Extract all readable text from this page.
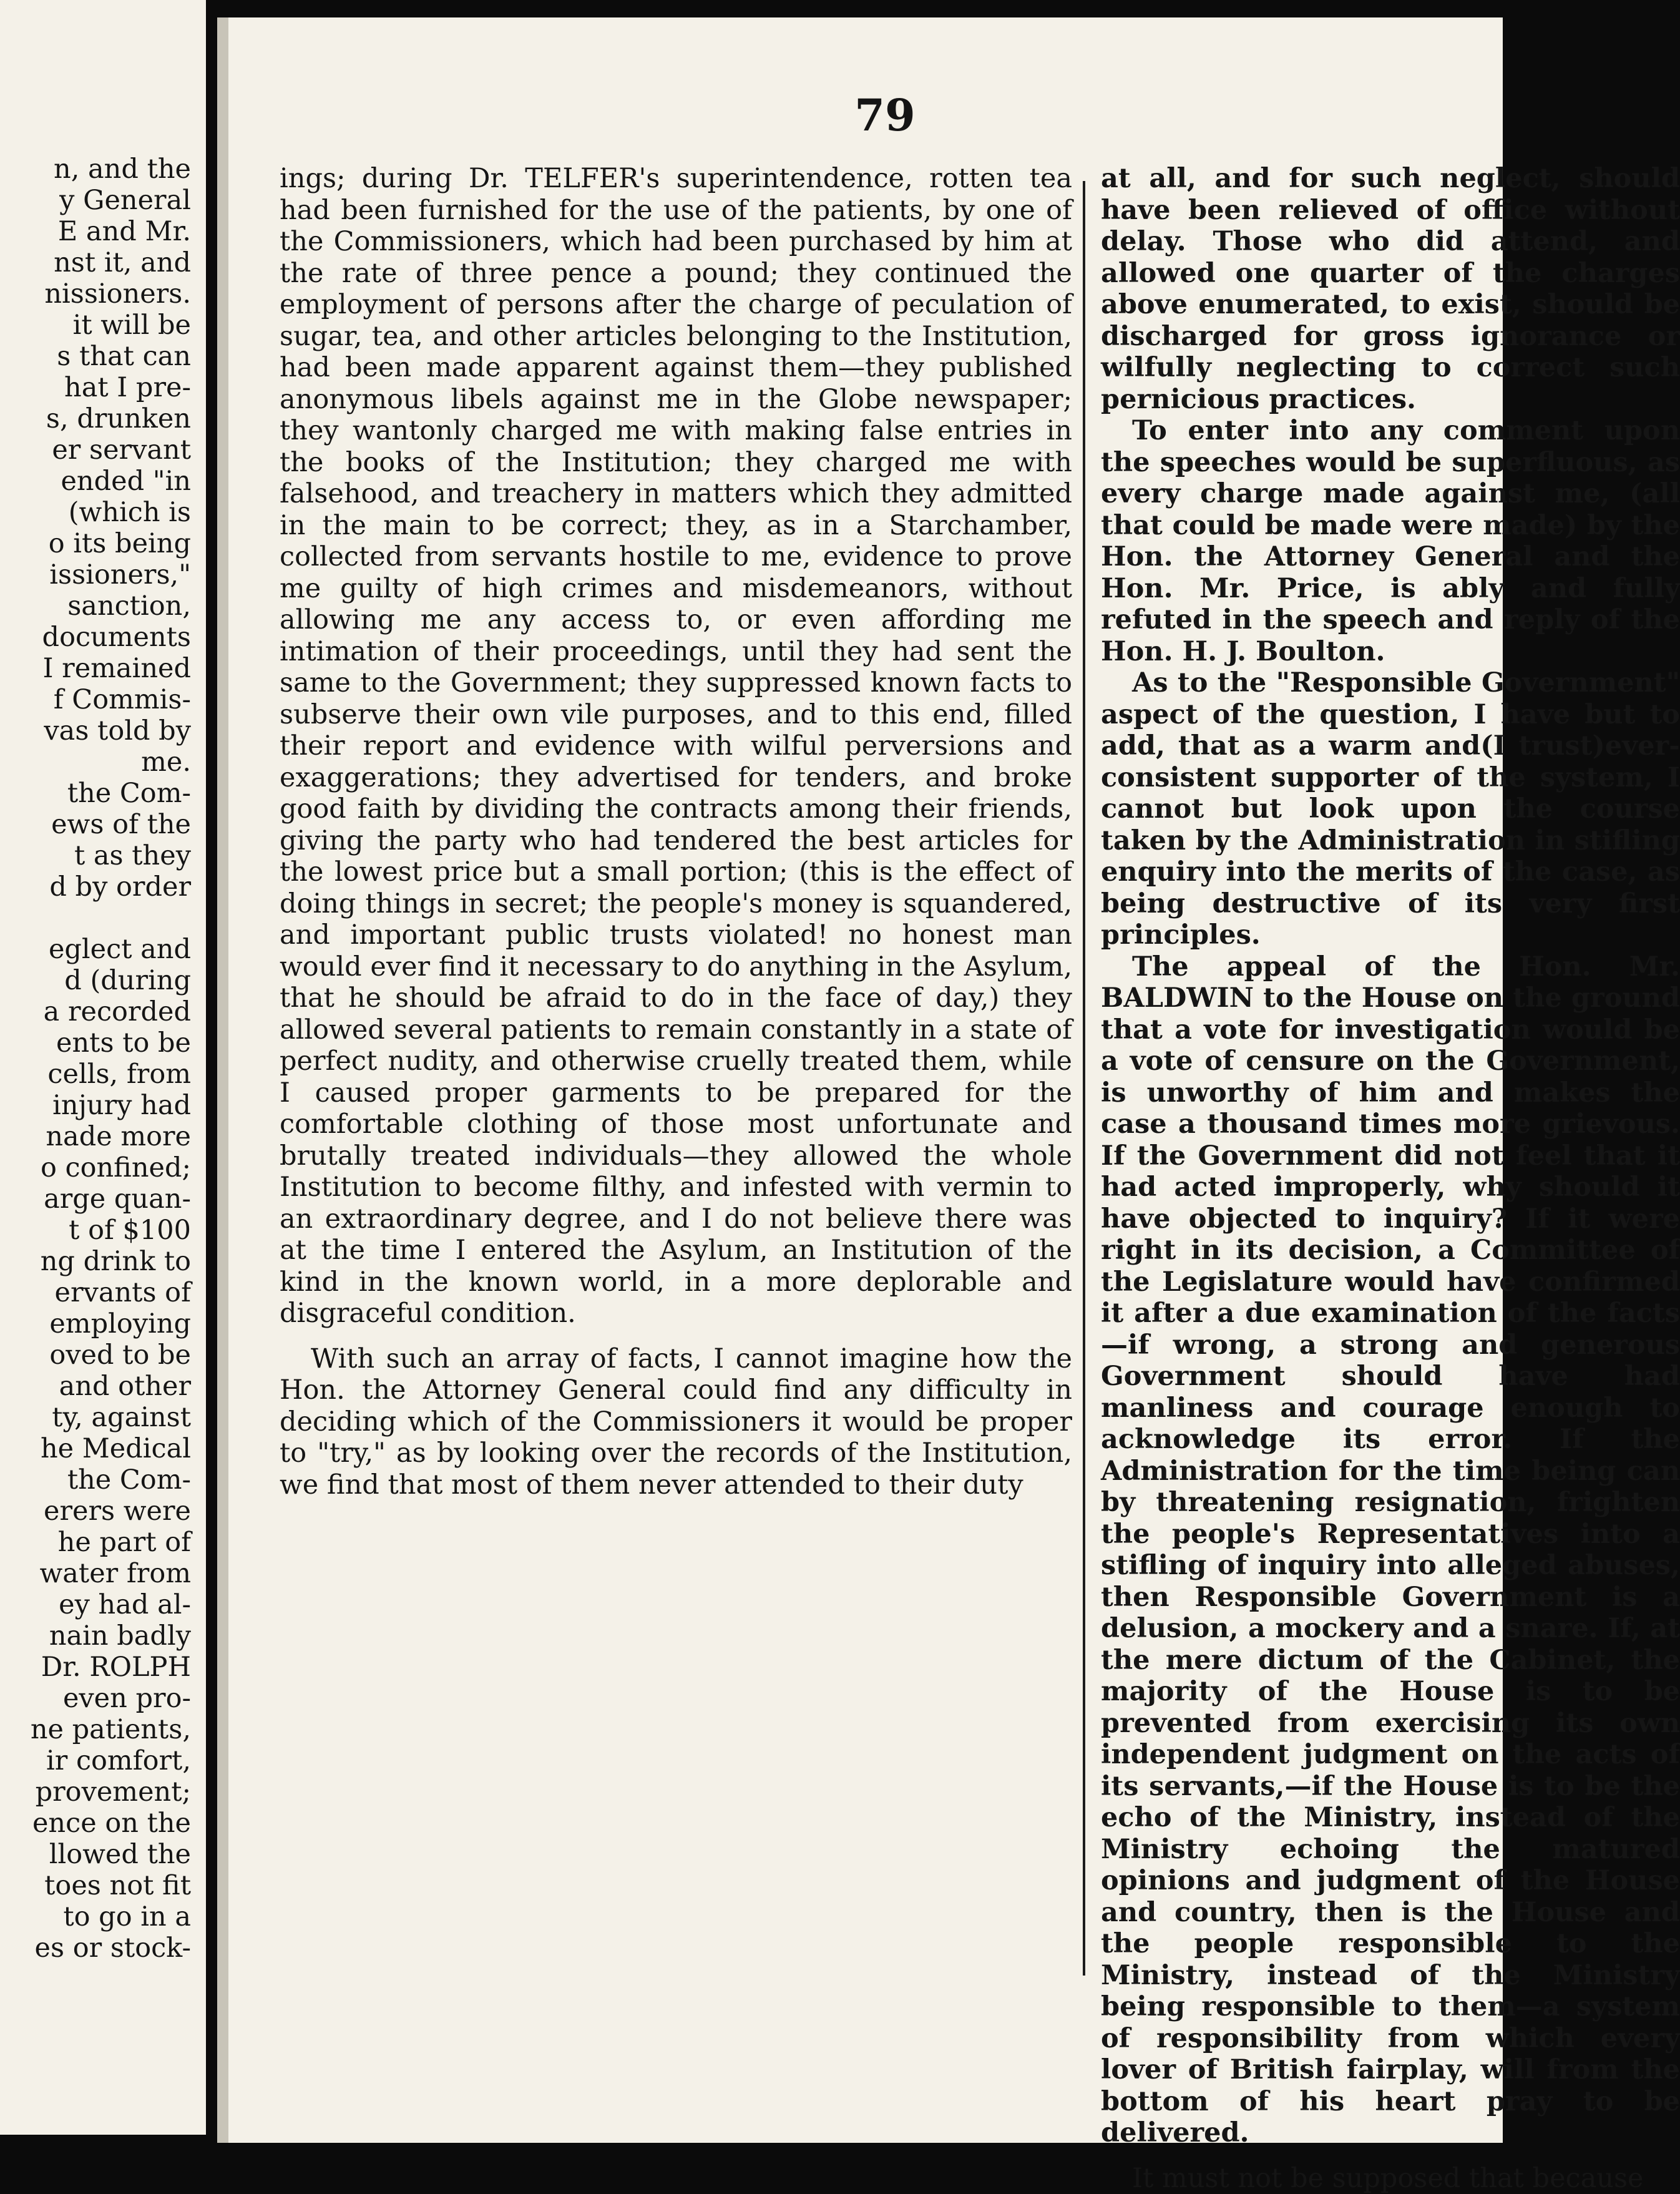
n, and the
y General
E and Mr.
nst it, and
nissioners.
it will be
s that can
hat I pre-
s, drunken
er servant
ended "in
(which is
o its being
issioners,"
sanction,
documents
I remained
f Commis-
vas told by
me.
the Com-
ews of the
t as they
d by order

eglect and
d (during
a recorded
ents to be
cells, from
injury had
nade more
o confined;
arge quan-
t of $100
ng drink to
ervants of
employing
oved to be
and other
ty, against
he Medical
the Com-
erers were
he part of
water from
ey had al-
nain badly
Dr. ROLPH
even pro-
ne patients,
ir comfort,
provement;
ence on the
llowed the
toes not fit
to go in a
es or stock-

79

ings; during Dr. TELFER's superintendence, rotten tea had been furnished for the use of the patients, by one of the Commissioners, which had been purchased by him at the rate of three pence a pound; they continued the employment of persons after the charge of peculation of sugar, tea, and other articles belonging to the Institution, had been made apparent against them—they published anonymous libels against me in the Globe newspaper; they wantonly charged me with making false entries in the books of the Institution; they charged me with falsehood, and treachery in matters which they admitted in the main to be correct; they, as in a Starchamber, collected from servants hostile to me, evidence to prove me guilty of high crimes and misdemeanors, without allowing me any access to, or even affording me intimation of their proceedings, until they had sent the same to the Government; they suppressed known facts to subserve their own vile purposes, and to this end, filled their report and evidence with wilful perversions and exaggerations; they advertised for tenders, and broke good faith by dividing the contracts among their friends, giving the party who had tendered the best articles for the lowest price but a small portion; (this is the effect of doing things in secret; the people's money is squandered, and important public trusts violated! no honest man would ever find it necessary to do anything in the Asylum, that he should be afraid to do in the face of day,) they allowed several patients to remain constantly in a state of perfect nudity, and otherwise cruelly treated them, while I caused proper garments to be prepared for the comfortable clothing of those most unfortunate and brutally treated individuals—they allowed the whole Institution to become filthy, and infested with vermin to an extraordinary degree, and I do not believe there was at the time I entered the Asylum, an Institution of the kind in the known world, in a more deplorable and disgraceful condition.

With such an array of facts, I cannot imagine how the Hon. the Attorney General could find any difficulty in deciding which of the Commissioners it would be proper to "try," as by looking over the records of the Institution, we find that most of them never attended to their duty

at all, and for such neglect, should have been relieved of office without delay. Those who did attend, and allowed one quarter of the charges above enumerated, to exist, should be discharged for gross ignorance or wilfully neglecting to correct such pernicious practices.

To enter into any comment upon the speeches would be superfluous, as every charge made against me, (all that could be made were made) by the Hon. the Attorney General and the Hon. Mr. Price, is ably and fully refuted in the speech and reply of the Hon. H. J. Boulton.

As to the "Responsible Government" aspect of the question, I have but to add, that as a warm and(I trust)ever-consistent supporter of the system, I cannot but look upon the course taken by the Administration in stifling enquiry into the merits of the case, as being destructive of its very first principles.

The appeal of the Hon. Mr. BALDWIN to the House on the ground that a vote for investigation would be a vote of censure on the Government, is unworthy of him and makes the case a thousand times more grievous. If the Government did not feel that it had acted improperly, why should it have objected to inquiry? If it were right in its decision, a Committee of the Legislature would have confirmed it after a due examination of the facts—if wrong, a strong and generous Government should have had manliness and courage enough to acknowledge its error. If the Administration for the time being can by threatening resignation, frighten the people's Representatives into a stifling of inquiry into alleged abuses, then Responsible Government is a delusion, a mockery and a snare. If, at the mere dictum of the Cabinet, the majority of the House is to be prevented from exercising its own independent judgment on the acts of its servants,—if the House is to be the echo of the Ministry, instead of the Ministry echoing the matured opinions and judgment of the House and country, then is the House and the people responsible to the Ministry, instead of the Ministry being responsible to them—a system of responsibility from which every lover of British fairplay, will from the bottom of his heart pray to be delivered.

It must not be supposed that because
